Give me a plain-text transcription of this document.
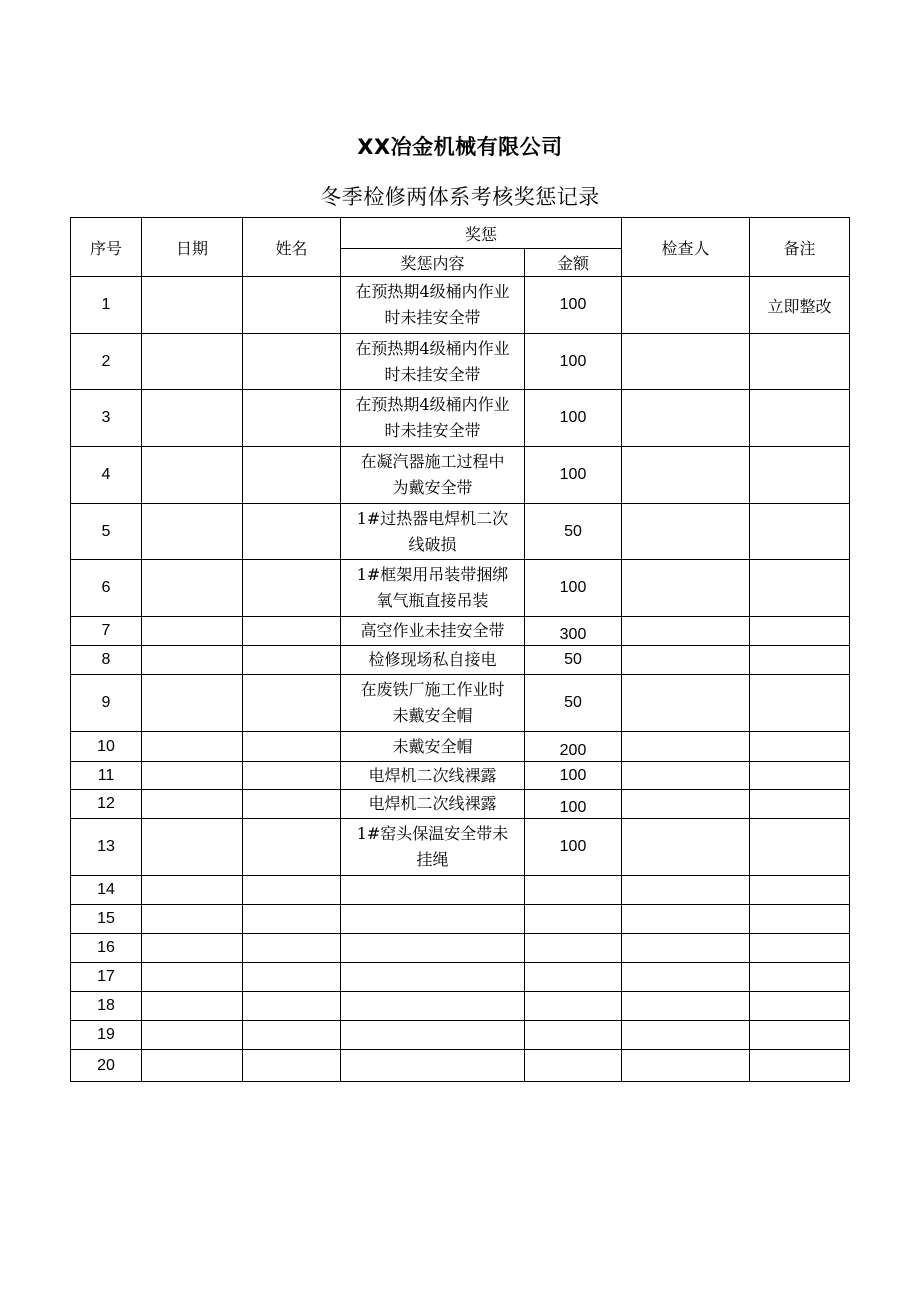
XX冶金机械有限公司
冬季检修两体系考核奖惩记录
序号	日期	姓名	奖惩		检查人	备注
			奖惩内容	金额		
1			在预热期4级桶内作业
时未挂安全带	100		立即整改
2			在预热期4级桶内作业
时未挂安全带	100		
3			在预热期4级桶内作业
时未挂安全带	100		
4			在凝汽器施工过程中
为戴安全带	100		
5			1#过热器电焊机二次
线破损	50		
6			1#框架用吊装带捆绑
氧气瓶直接吊装	100		
7			高空作业未挂安全带	300		
8			检修现场私自接电	50		
9			在废铁厂施工作业时
未戴安全帽	50		
10			未戴安全帽	200		
11			电焊机二次线裸露	100		
12			电焊机二次线裸露	100		
13			1#窑头保温安全带未
挂绳	100		
14						
15						
16						
17						
18						
19						
20						
